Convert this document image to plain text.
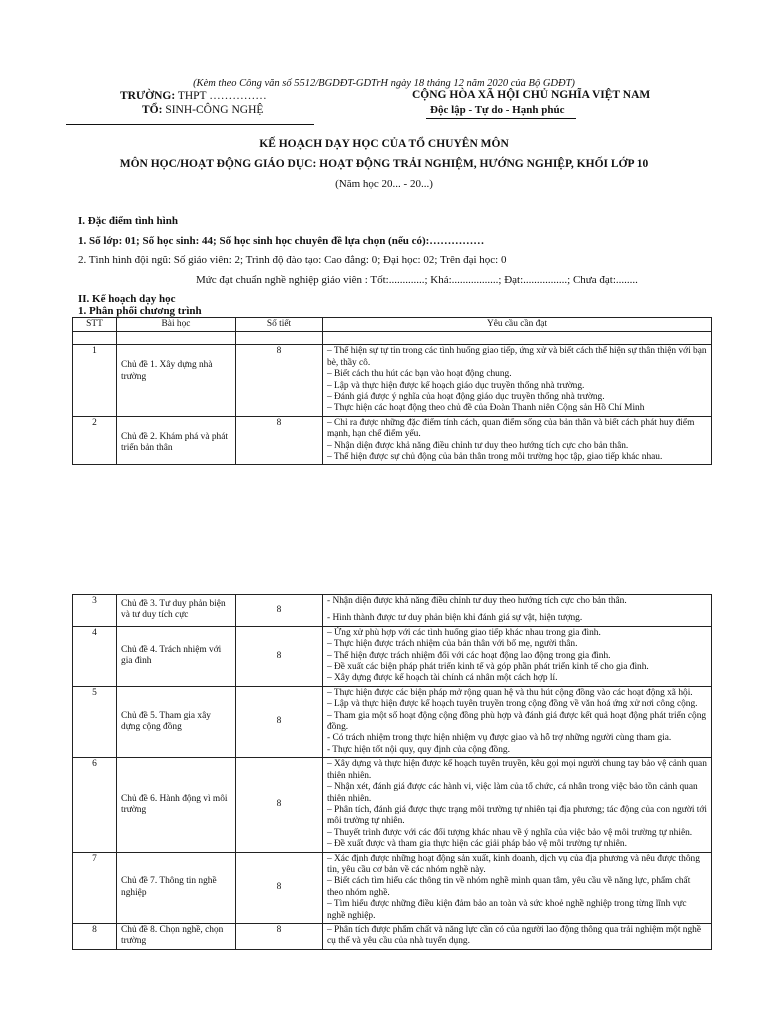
(Kèm theo Công văn số 5512/BGDĐT-GDTrH ngày 18 tháng 12 năm 2020 của Bộ GDĐT)
TRƯỜNG: THPT ……………
TỔ: SINH-CÔNG NGHỆ
CỘNG HÒA XÃ HỘI CHỦ NGHĨA VIỆT NAM
Độc lập - Tự do - Hạnh phúc
KẾ HOẠCH DẠY HỌC CỦA TỔ CHUYÊN MÔN
MÔN HỌC/HOẠT ĐỘNG GIÁO DỤC: HOẠT ĐỘNG TRẢI NGHIỆM, HƯỚNG NGHIỆP, KHỐI LỚP 10
(Năm học 20... - 20...)
I. Đặc điểm tình hình
1. Số lớp: 01; Số học sinh: 44; Số học sinh học chuyên đề lựa chọn (nếu có):……………
2. Tình hình đội ngũ: Số giáo viên: 2; Trình độ đào tạo: Cao đẳng: 0; Đại học: 02; Trên đại học: 0
Mức đạt chuẩn nghề nghiệp giáo viên : Tốt:.............; Khá:.................; Đạt:................; Chưa đạt:........
II. Kế hoạch dạy học
1. Phân phối chương trình
STT	Bài học	Số tiết	Yêu cầu cần đạt

1	Chủ đề 1. Xây dựng nhà trường	8	– Thể hiện sự tự tin trong các tình huống giao tiếp, ứng xử và biết cách thể hiện sự thân thiện với bạn bè, thầy cô.
– Biết cách thu hút các bạn vào hoạt động chung.
– Lập và thực hiện được kế hoạch giáo dục truyền thống nhà trường.
– Đánh giá được ý nghĩa của hoạt động giáo dục truyền thống nhà trường.
– Thực hiện các hoạt động theo chủ đề của Đoàn Thanh niên Cộng sản Hồ Chí Minh

2	Chủ đề 2. Khám phá và phát triển bản thân	8	– Chỉ ra được những đặc điểm tính cách, quan điểm sống của bản thân và biết cách phát huy điểm mạnh, hạn chế điểm yếu.
– Nhận diện được khả năng điều chỉnh tư duy theo hướng tích cực cho bản thân.
– Thể hiện được sự chủ động của bản thân trong môi trường học tập, giao tiếp khác nhau.
3	Chủ đề 3. Tư duy phản biện và tư duy tích cực	8	- Nhận diện được khả năng điều chỉnh tư duy theo hướng tích cực cho bản thân.
- Hình thành được tư duy phản biện khi đánh giá sự vật, hiện tượng.

4	Chủ đề 4. Trách nhiệm với gia đình	8	– Ứng xử phù hợp với các tình huống giao tiếp khác nhau trong gia đình.
– Thực hiện được trách nhiệm của bản thân với bố mẹ, người thân.
– Thể hiện được trách nhiệm đối với các hoạt động lao động trong gia đình.
– Đề xuất các biện pháp phát triển kinh tế và góp phần phát triển kinh tế cho gia đình.
– Xây dựng được kế hoạch tài chính cá nhân một cách hợp lí.

5	Chủ đề 5. Tham gia xây dựng cộng đồng	8	– Thực hiện được các biện pháp mở rộng quan hệ và thu hút cộng đồng vào các hoạt động xã hội.
– Lập và thực hiện được kế hoạch tuyên truyền trong cộng đồng về văn hoá ứng xử nơi công cộng.
– Tham gia một số hoạt động cộng đồng phù hợp và đánh giá được kết quả hoạt động phát triển cộng đồng.
- Có trách nhiệm trong thực hiện nhiệm vụ được giao và hỗ trợ những người cùng tham gia.
- Thực hiện tốt nội quy, quy định của cộng đồng.

6	Chủ đề 6. Hành động vì môi trường	8	– Xây dựng và thực hiện được kế hoạch tuyên truyền, kêu gọi mọi người chung tay bảo vệ cảnh quan thiên nhiên.
– Nhận xét, đánh giá được các hành vi, việc làm của tổ chức, cá nhân trong việc bảo tồn cảnh quan thiên nhiên.
– Phân tích, đánh giá được thực trạng môi trường tự nhiên tại địa phương; tác động của con người tới môi trường tự nhiên.
– Thuyết trình được với các đối tượng khác nhau về ý nghĩa của việc bảo vệ môi trường tự nhiên.
– Đề xuất được và tham gia thực hiện các giải pháp bảo vệ môi trường tự nhiên.

7	Chủ đề 7. Thông tin nghề nghiệp	8	– Xác định được những hoạt động sản xuất, kinh doanh, dịch vụ của địa phương và nêu được thông tin, yêu cầu cơ bản về các nhóm nghề này.
– Biết cách tìm hiểu các thông tin về nhóm nghề mình quan tâm, yêu cầu về năng lực, phẩm chất theo nhóm nghề.
– Tìm hiểu được những điều kiện đảm bảo an toàn và sức khoẻ nghề nghiệp trong từng lĩnh vực nghề nghiệp.

8	Chủ đề 8. Chọn nghề, chọn trường	8	– Phân tích được phẩm chất và năng lực cần có của người lao động thông qua trải nghiệm một nghề cụ thể và yêu cầu của nhà tuyển dụng.
